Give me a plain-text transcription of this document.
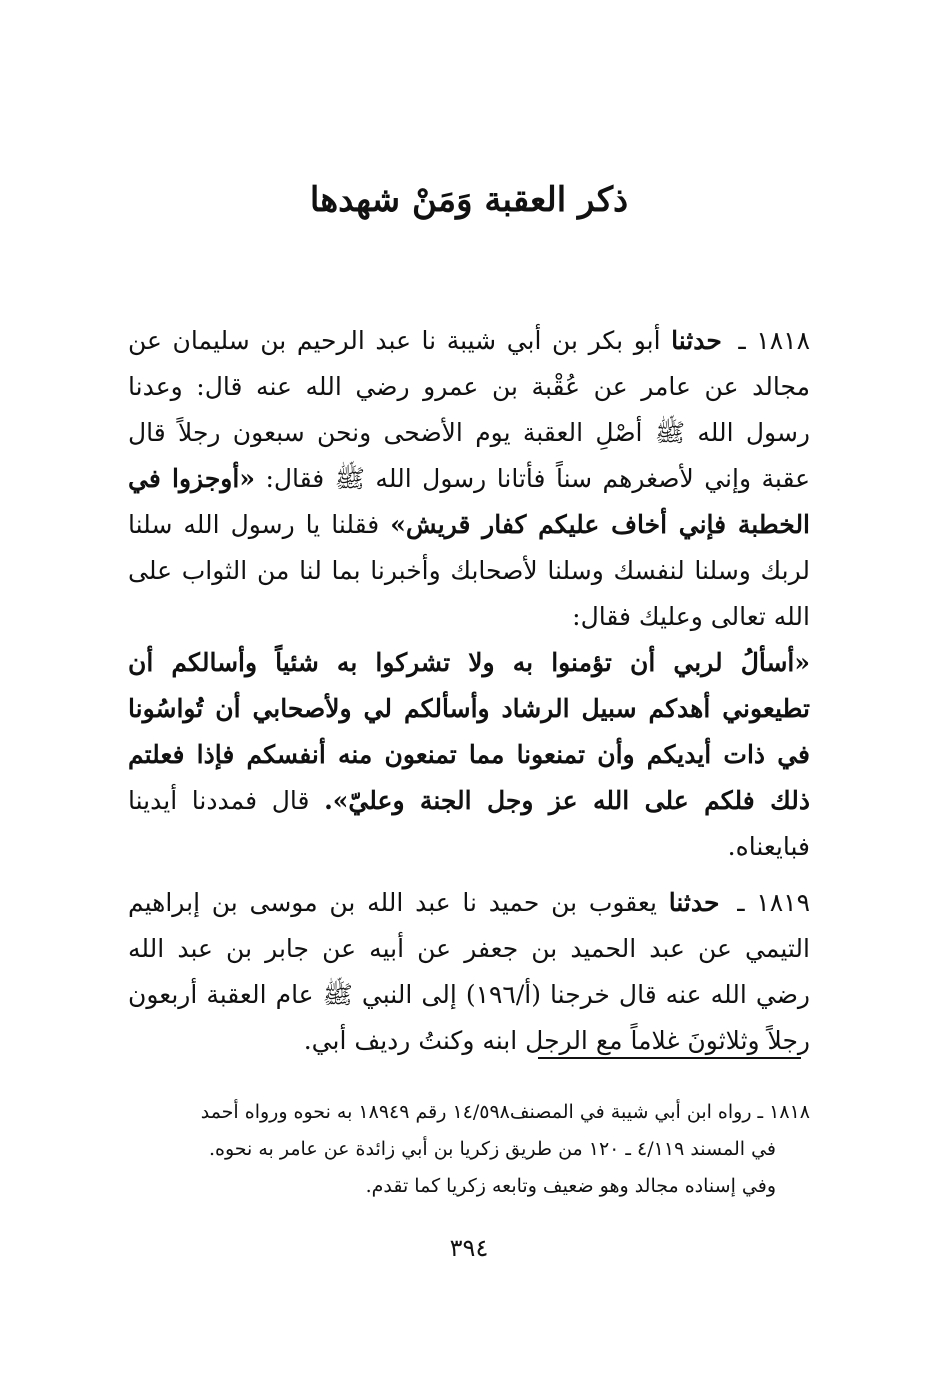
ذكر العقبة وَمَنْ شهدها

١٨١٨ ـ حدثنا أبو بكر بن أبي شيبة نا عبد الرحيم بن سليمان عن مجالد عن عامر عن عُقْبة بن عمرو رضي الله عنه قال: وعدنا رسول الله ﷺ أصْلِ العقبة يوم الأضحى ونحن سبعون رجلاً قال عقبة وإني لأصغرهم سناً فأتانا رسول الله ﷺ فقال: «أوجزوا في الخطبة فإني أخاف عليكم كفار قريش» فقلنا يا رسول الله سلنا لربك وسلنا لنفسك وسلنا لأصحابك وأخبرنا بما لنا من الثواب على الله تعالى وعليك فقال:

«أسألُ لربي أن تؤمنوا به ولا تشركوا به شئياً وأسالكم أن تطيعوني أهدكم سبيل الرشاد وأسألكم لي ولأصحابي أن تُواسُونا في ذات أيديكم وأن تمنعونا مما تمنعون منه أنفسكم فإذا فعلتم ذلك فلكم على الله عز وجل الجنة وعليّ». قال فمددنا أيدينا فبايعناه.

١٨١٩ ـ حدثنا يعقوب بن حميد نا عبد الله بن موسى بن إبراهيم التيمي عن عبد الحميد بن جعفر عن أبيه عن جابر بن عبد الله رضي الله عنه قال خرجنا (أ/١٩٦) إلى النبي ﷺ عام العقبة أربعون رجلاً وثلاثونَ غلاماً مع الرجل ابنه وكنتُ رديف أبي.

١٨١٨ ـ رواه ابن أبي شيبة في المصنف١٤/٥٩٨ رقم ١٨٩٤٩ به نحوه ورواه أحمد

في المسند ٤/١١٩ ـ ١٢٠ من طريق زكريا بن أبي زائدة عن عامر به نحوه.

وفي إسناده مجالد وهو ضعيف وتابعه زكريا كما تقدم.

٣٩٤
